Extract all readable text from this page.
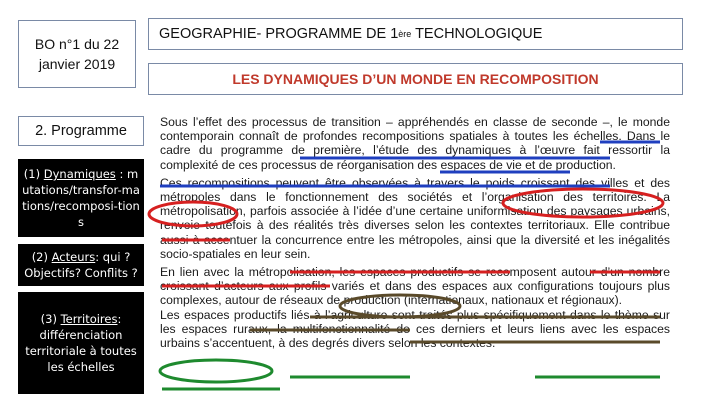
BO n°1 du 22
janvier 2019
GEOGRAPHIE- PROGRAMME DE 1 ère TECHNOLOGIQUE
LES DYNAMIQUES D’UN MONDE EN RECOMPOSITION
2. Programme
(1) Dynamiques : mutations/transfor-mations/recomposi-tions
(2) Acteurs: qui ? Objectifs? Conflits ?
(3) Territoires: différenciation territoriale à toutes les échelles

Sous l’effet des processus de transition – appréhendés en classe de seconde –, le monde contemporain connaît de profondes recompositions spatiales à toutes les échelles. Dans le cadre du programme de première, l’étude des dynamiques à l’œuvre fait ressortir la complexité de ces processus de réorganisation des espaces de vie et de production.

Ces recompositions peuvent être observées à travers le poids croissant des villes et des métropoles dans le fonctionnement des sociétés et l’organisation des territoires. La métropolisation, parfois associée à l’idée d’une certaine uniformisation des paysages urbains, renvoie toutefois à des réalités très diverses selon les contextes territoriaux. Elle contribue aussi à accentuer la concurrence entre les métropoles, ainsi que la diversité et les inégalités socio-spatiales en leur sein.

En lien avec la métropolisation, les espaces productifs se recomposent autour d’un nombre croissant d’acteurs aux profils variés et dans des espaces aux configurations toujours plus complexes, autour de réseaux de production (internationaux, nationaux et régionaux).

Les espaces productifs liés à l’agriculture sont traités plus spécifiquement dans le thème sur les espaces ruraux, la multifonctionnalité de ces derniers et leurs liens avec les espaces urbains s’accentuent, à des degrés divers selon les contextes.
